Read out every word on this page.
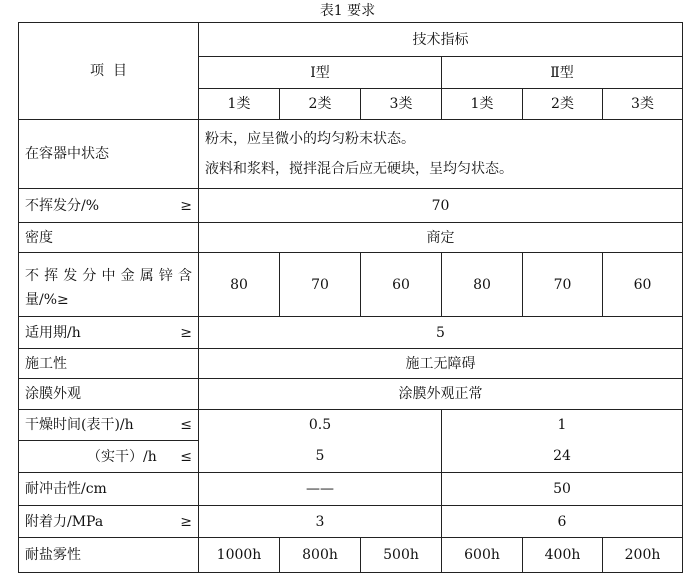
表1 要求
项  目	技术指标					
	Ⅰ型			Ⅱ型		
	1类	2类	3类	1类	2类	3类
在容器中状态	粉末，应呈微小的均匀粉末状态。
液料和浆料，搅拌混合后应无硬块，呈均匀状态。					

不挥发分/% ≥	70					
密度	商定					

不挥发分中金属锌含
量/%≥	80	70	60	80	70	60

适用期/h ≥	5					
施工性	施工无障碍					
涂膜外观	涂膜外观正常					

干燥时间(表干)/h ≤	0.5			1		

（实干）/h ≤	5			24		
耐冲击性/cm	——			50		

附着力/MPa ≥	3			6		
耐盐雾性	1000h	800h	500h	600h	400h	200h
